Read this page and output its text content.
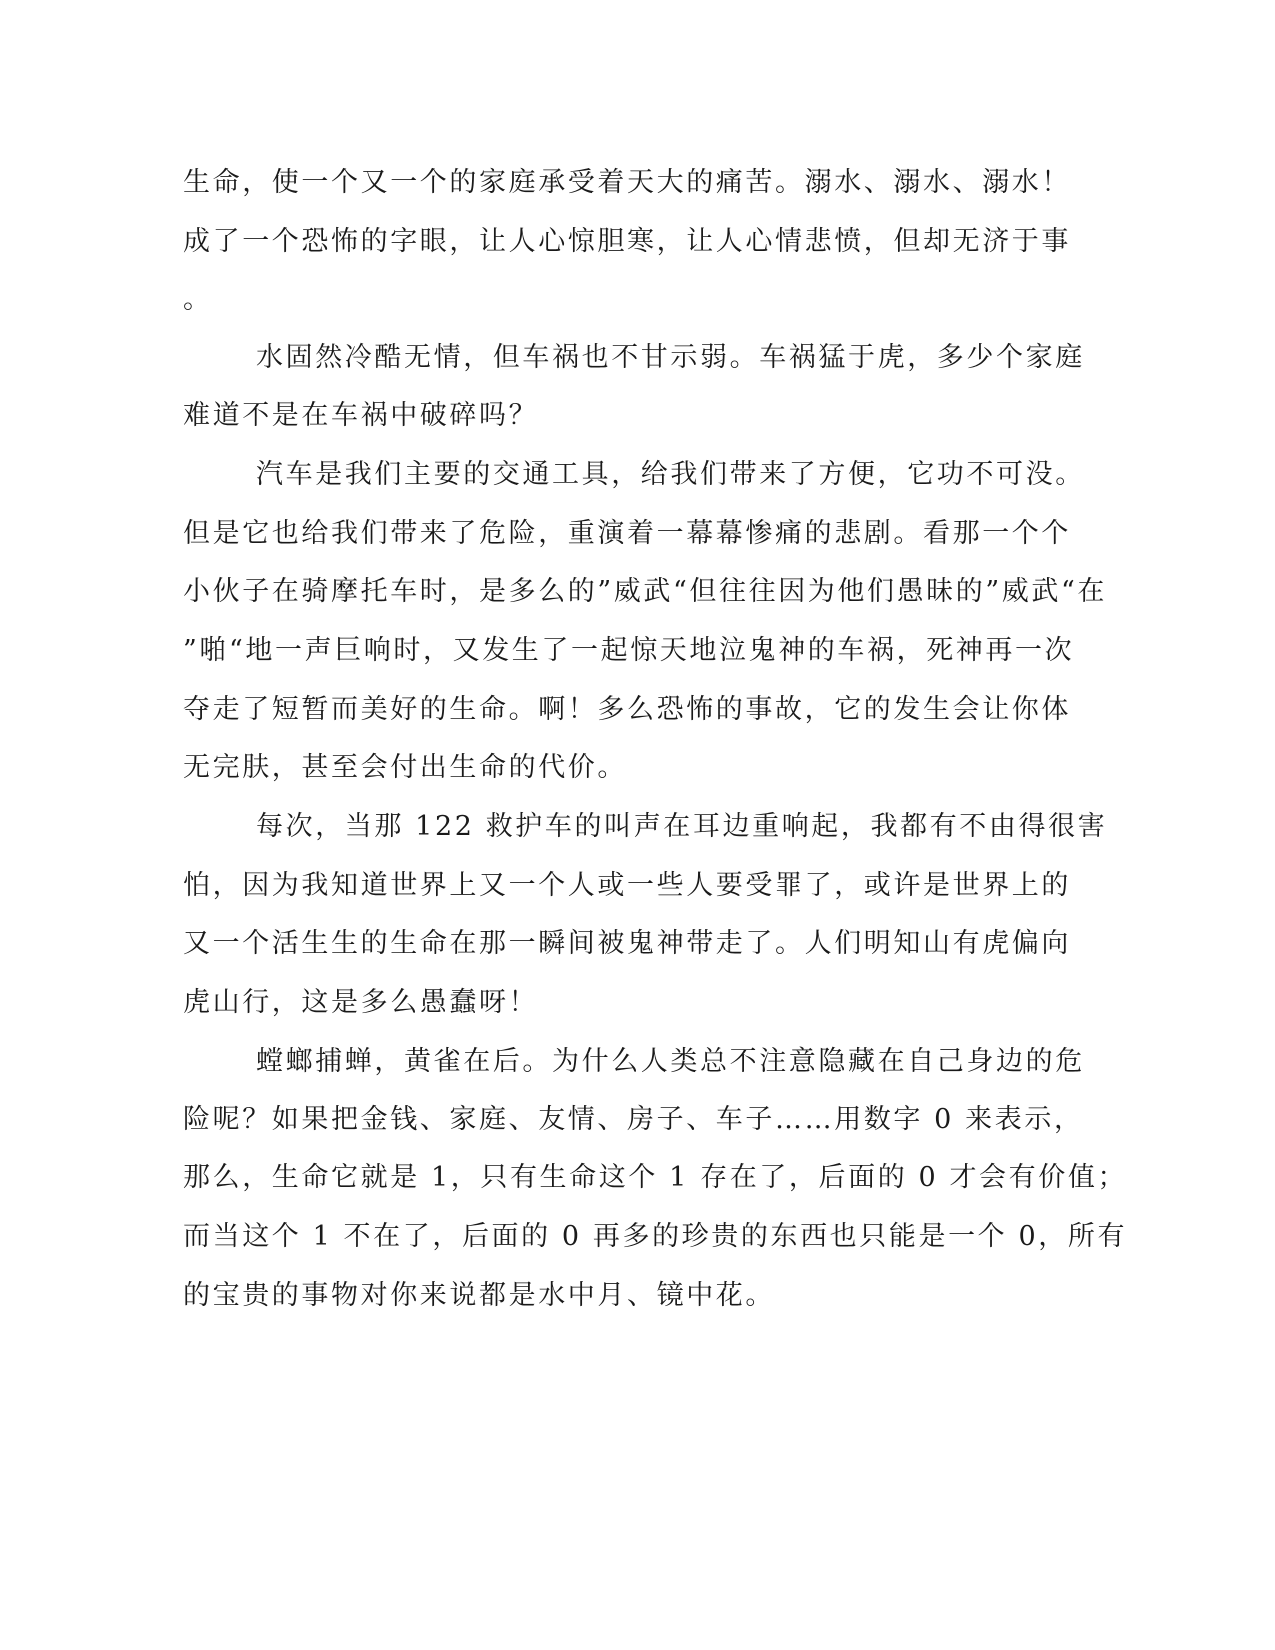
生命，使一个又一个的家庭承受着天大的痛苦。溺水、溺水、溺水！
成了一个恐怖的字眼，让人心惊胆寒，让人心情悲愤，但却无济于事
。
水固然冷酷无情，但车祸也不甘示弱。车祸猛于虎，多少个家庭
难道不是在车祸中破碎吗？
汽车是我们主要的交通工具，给我们带来了方便，它功不可没。
但是它也给我们带来了危险，重演着一幕幕惨痛的悲剧。看那一个个
小伙子在骑摩托车时，是多么的”威武“但往往因为他们愚昧的”威武“在
”啪“地一声巨响时，又发生了一起惊天地泣鬼神的车祸，死神再一次
夺走了短暂而美好的生命。啊！多么恐怖的事故，它的发生会让你体
无完肤，甚至会付出生命的代价。
每次，当那 122 救护车的叫声在耳边重响起，我都有不由得很害
怕，因为我知道世界上又一个人或一些人要受罪了，或许是世界上的
又一个活生生的生命在那一瞬间被鬼神带走了。人们明知山有虎偏向
虎山行，这是多么愚蠢呀！
螳螂捕蝉，黄雀在后。为什么人类总不注意隐藏在自己身边的危
险呢？如果把金钱、家庭、友情、房子、车子……用数字 0 来表示，
那么，生命它就是 1，只有生命这个 1 存在了，后面的 0 才会有价值；
而当这个 1 不在了，后面的 0 再多的珍贵的东西也只能是一个 0，所有
的宝贵的事物对你来说都是水中月、镜中花。
